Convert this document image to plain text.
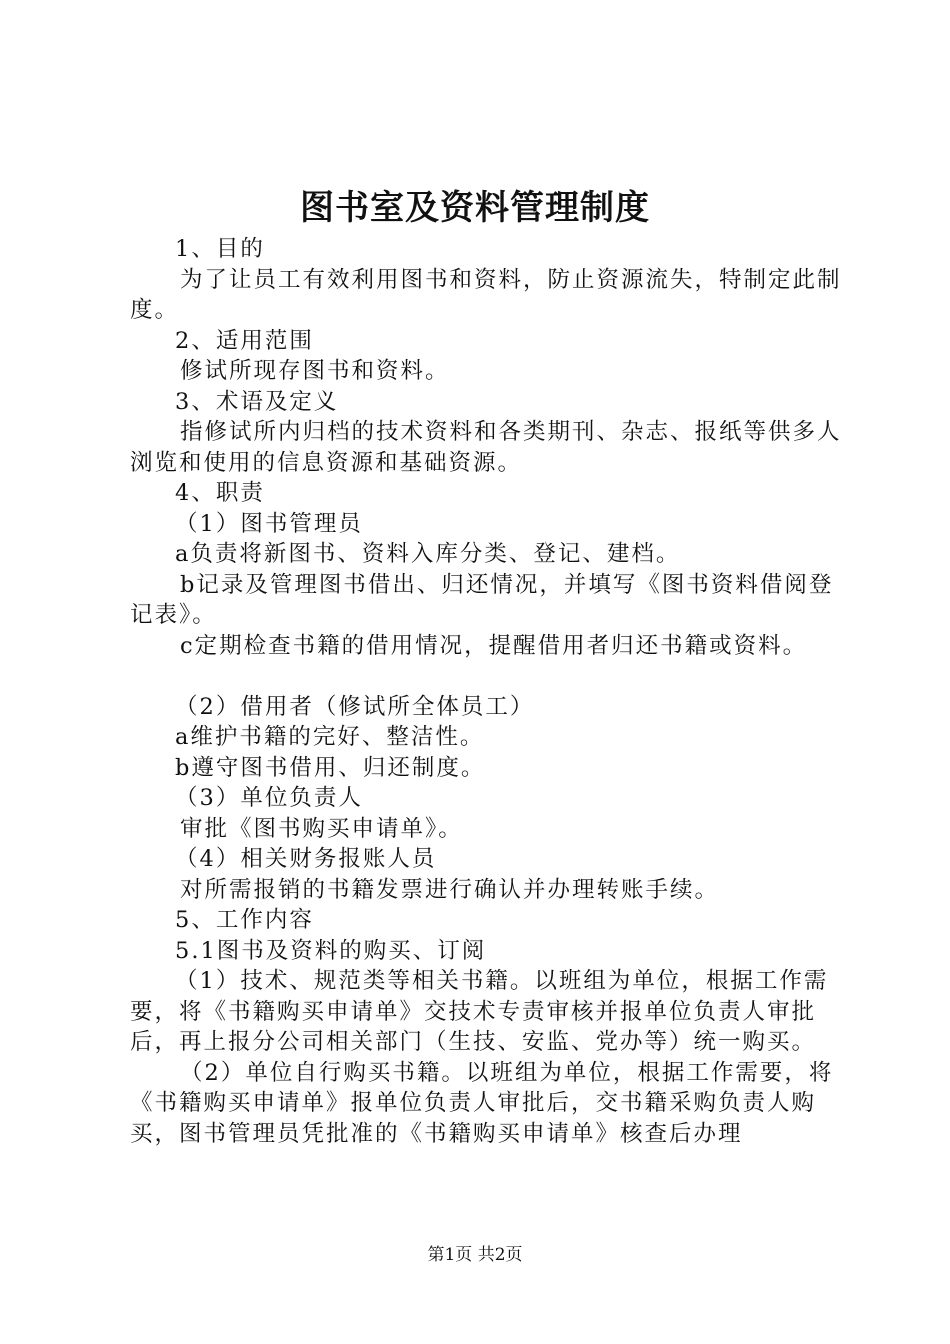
图书室及资料管理制度

1、目的

为了让员工有效利用图书和资料，防止资源流失，特制定此制度。

2、适用范围

修试所现存图书和资料。

3、术语及定义

指修试所内归档的技术资料和各类期刊、杂志、报纸等供多人浏览和使用的信息资源和基础资源。

4、职责

（1）图书管理员

a负责将新图书、资料入库分类、登记、建档。

b记录及管理图书借出、归还情况，并填写《图书资料借阅登记表》。

c定期检查书籍的借用情况，提醒借用者归还书籍或资料。

（2）借用者（修试所全体员工）

a维护书籍的完好、整洁性。

b遵守图书借用、归还制度。

（3）单位负责人

审批《图书购买申请单》。

（4）相关财务报账人员

对所需报销的书籍发票进行确认并办理转账手续。

5、工作内容

5.1图书及资料的购买、订阅

（1）技术、规范类等相关书籍。以班组为单位，根据工作需要，将《书籍购买申请单》交技术专责审核并报单位负责人审批后，再上报分公司相关部门（生技、安监、党办等）统一购买。

（2）单位自行购买书籍。以班组为单位，根据工作需要，将《书籍购买申请单》报单位负责人审批后，交书籍采购负责人购买，图书管理员凭批准的《书籍购买申请单》核查后办理

第1页 共2页
